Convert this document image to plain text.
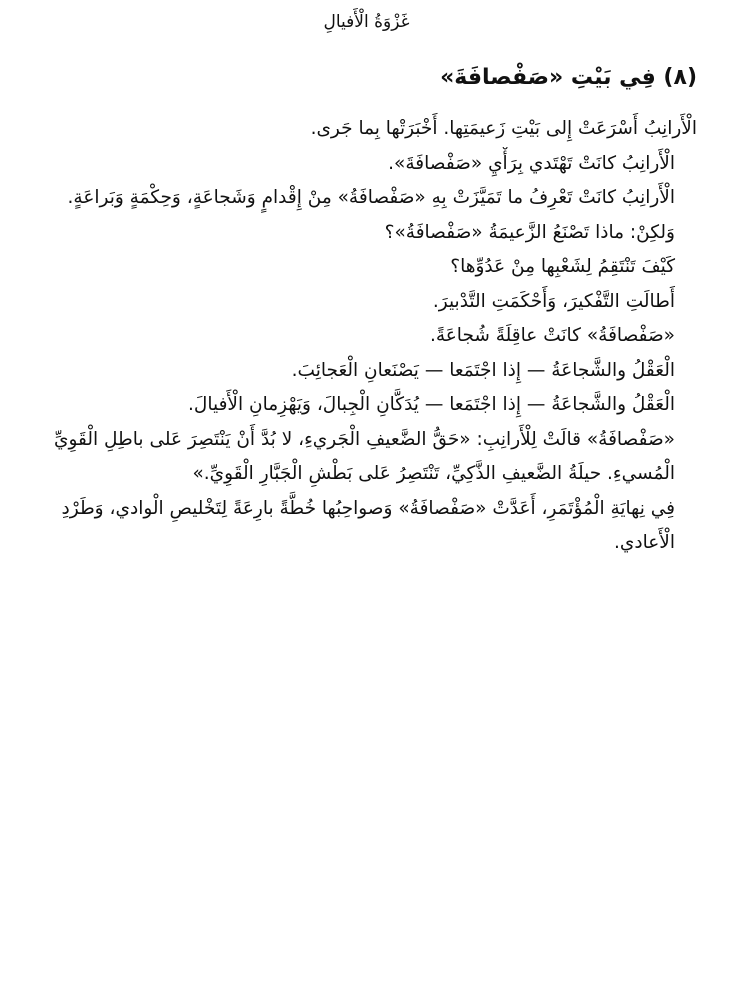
غَزْوَةُ الْأَفيالِ
(٨) فِي بَيْتِ «صَفْصافَةَ»
الْأَرانِبُ أَسْرَعَتْ إِلى بَيْتِ زَعيمَتِها. أَخْبَرَتْها بِما جَرى.
الْأَرانِبُ كانَتْ تَهْتَدي بِرَأْيِ «صَفْصافَةَ».
الْأَرانِبُ كانَتْ تَعْرِفُ ما تَمَيَّزَتْ بِهِ «صَفْصافَةُ» مِنْ إِقْدامٍ وَشَجاعَةٍ، وَحِكْمَةٍ وَبَراعَةٍ.
وَلكِنْ: ماذا تَصْنَعُ الزَّعيمَةُ «صَفْصافَةُ»؟
كَيْفَ تَنْتَقِمُ لِشَعْبِها مِنْ عَدُوِّها؟
أَطالَتِ التَّفْكيرَ، وَأَحْكَمَتِ التَّدْبيرَ.
«صَفْصافَةُ» كانَتْ عاقِلَةً شُجاعَةً.
الْعَقْلُ والشَّجاعَةُ — إِذا اجْتَمَعا — يَصْنَعانِ الْعَجائِبَ.
الْعَقْلُ والشَّجاعَةُ — إِذا اجْتَمَعا — يُدَكَّانِ الْجِبالَ، وَيَهْزِمانِ الْأَفيالَ.
«صَفْصافَةُ» قالَتْ لِلْأَرانِبِ: «حَقُّ الضَّعيفِ الْجَريءِ، لا بُدَّ أَنْ يَنْتَصِرَ عَلى باطِلِ الْقَوِيِّ الْمُسيءِ. حيلَةُ الضَّعيفِ الذَّكِيِّ، تَنْتَصِرُ عَلى بَطْشِ الْجَبَّارِ الْقَوِيِّ.»
فِي نِهايَةِ الْمُؤْتَمَرِ، أَعَدَّتْ «صَفْصافَةُ» وَصواحِبُها خُطَّةً بارِعَةً لِتَخْليصِ الْوادي، وَطَرْدِ الْأَعادي.
